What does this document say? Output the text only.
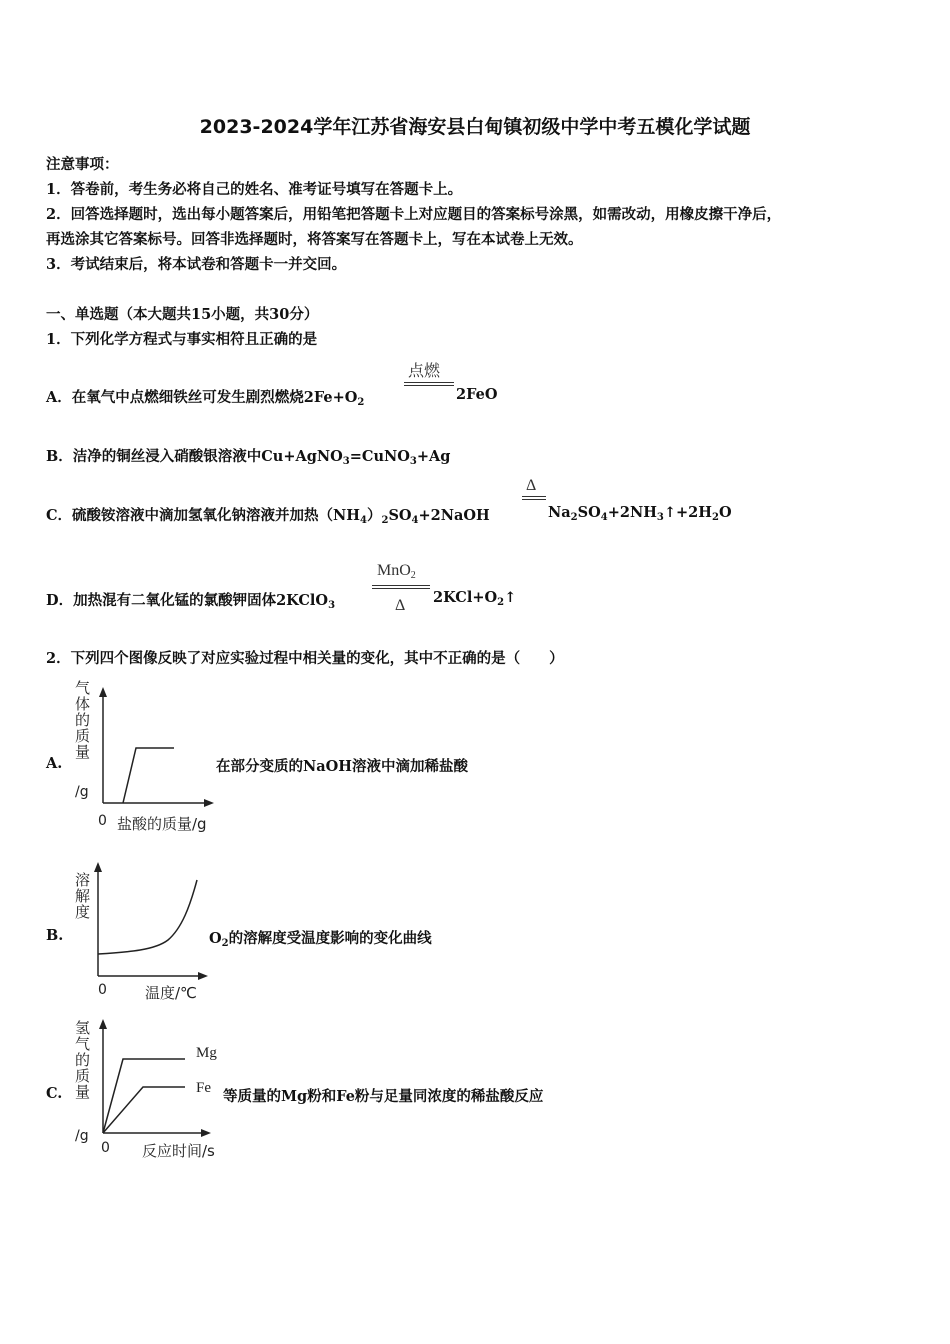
2023-2024学年江苏省海安县白甸镇初级中学中考五模化学试题
注意事项：
1．答卷前，考生务必将自己的姓名、准考证号填写在答题卡上。
2．回答选择题时，选出每小题答案后，用铅笔把答题卡上对应题目的答案标号涂黑，如需改动，用橡皮擦干净后，
再选涂其它答案标号。回答非选择题时，将答案写在答题卡上，写在本试卷上无效。
3．考试结束后，将本试卷和答题卡一并交回。
一、单选题（本大题共15小题，共30分）
1．下列化学方程式与事实相符且正确的是
A．在氧气中点燃细铁丝可发生剧烈燃烧$2Fe+O_2$
点燃
2FeO
B．洁净的铜丝浸入硝酸银溶液中Cu+AgNO$_3$=CuNO$_3$+Ag
C．硫酸铵溶液中滴加氢氧化钠溶液并加热$(NH_4)_2SO_4+2NaOH$
Δ
$Na_2SO_4+2NH_3↑+2H_2O$
D．加热混有二氧化锰的氯酸钾固体2KClO$_3$
MnO$_2$
Δ $2KCl+O_2↑$
2．下列四个图像反映了对应实验过程中相关量的变化，其中不正确的是（　　）
A.
气体的质量
/g
0 盐酸的质量/g
在部分变质的NaOH溶液中滴加稀盐酸
B.
溶解度
0	温度/℃
$O_2$的溶解度受温度影响的变化曲线
C. 氢气的质量
/g
0 反应时间/s
Mg
Fe 等质量的Mg粉和Fe粉与足量同浓度的稀盐酸反应
